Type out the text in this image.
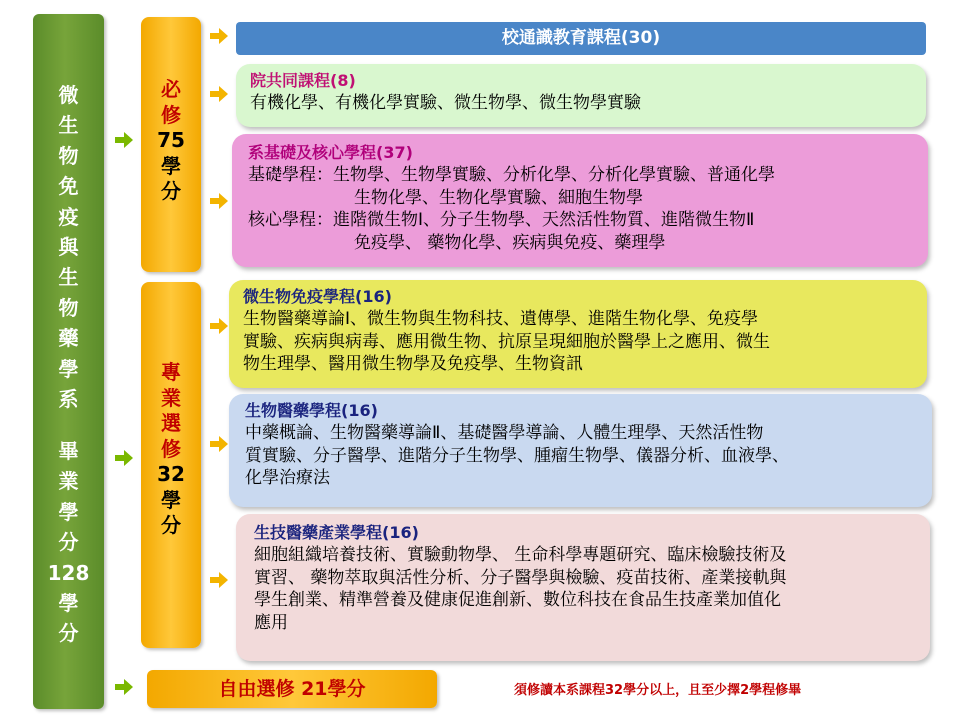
微
生
物
免
疫
與
生
物
藥
學
系
畢
業
學
分
128
學
分
必
修
75
學
分
專
業
選
修
32
學
分
校通識教育課程(30)
院共同課程(8)
有機化學、有機化學實驗、微生物學、微生物學實驗
系基礎及核心學程(37)
基礎學程：生物學、生物學實驗、分析化學、分析化學實驗、普通化學
生物化學、生物化學實驗、細胞生物學
核心學程：進階微生物Ⅰ、分子生物學、天然活性物質、進階微生物Ⅱ
免疫學、 藥物化學、疾病與免疫、藥理學
微生物免疫學程(16)
生物醫藥導論Ⅰ、微生物與生物科技、遺傳學、進階生物化學、免疫學
實驗、疾病與病毒、應用微生物、抗原呈現細胞於醫學上之應用、微生
物生理學、醫用微生物學及免疫學、生物資訊
生物醫藥學程(16)
中藥概論、生物醫藥導論Ⅱ、基礎醫學導論、人體生理學、天然活性物
質實驗、分子醫學、進階分子生物學、腫瘤生物學、儀器分析、血液學、
化學治療法
生技醫藥產業學程(16)
細胞組織培養技術、實驗動物學、 生命科學專題研究、臨床檢驗技術及
實習、 藥物萃取與活性分析、分子醫學與檢驗、疫苗技術、產業接軌與
學生創業、精準營養及健康促進創新、數位科技在食品生技產業加值化
應用
自由選修 21學分	須修讀本系課程32學分以上，且至少擇2學程修畢
